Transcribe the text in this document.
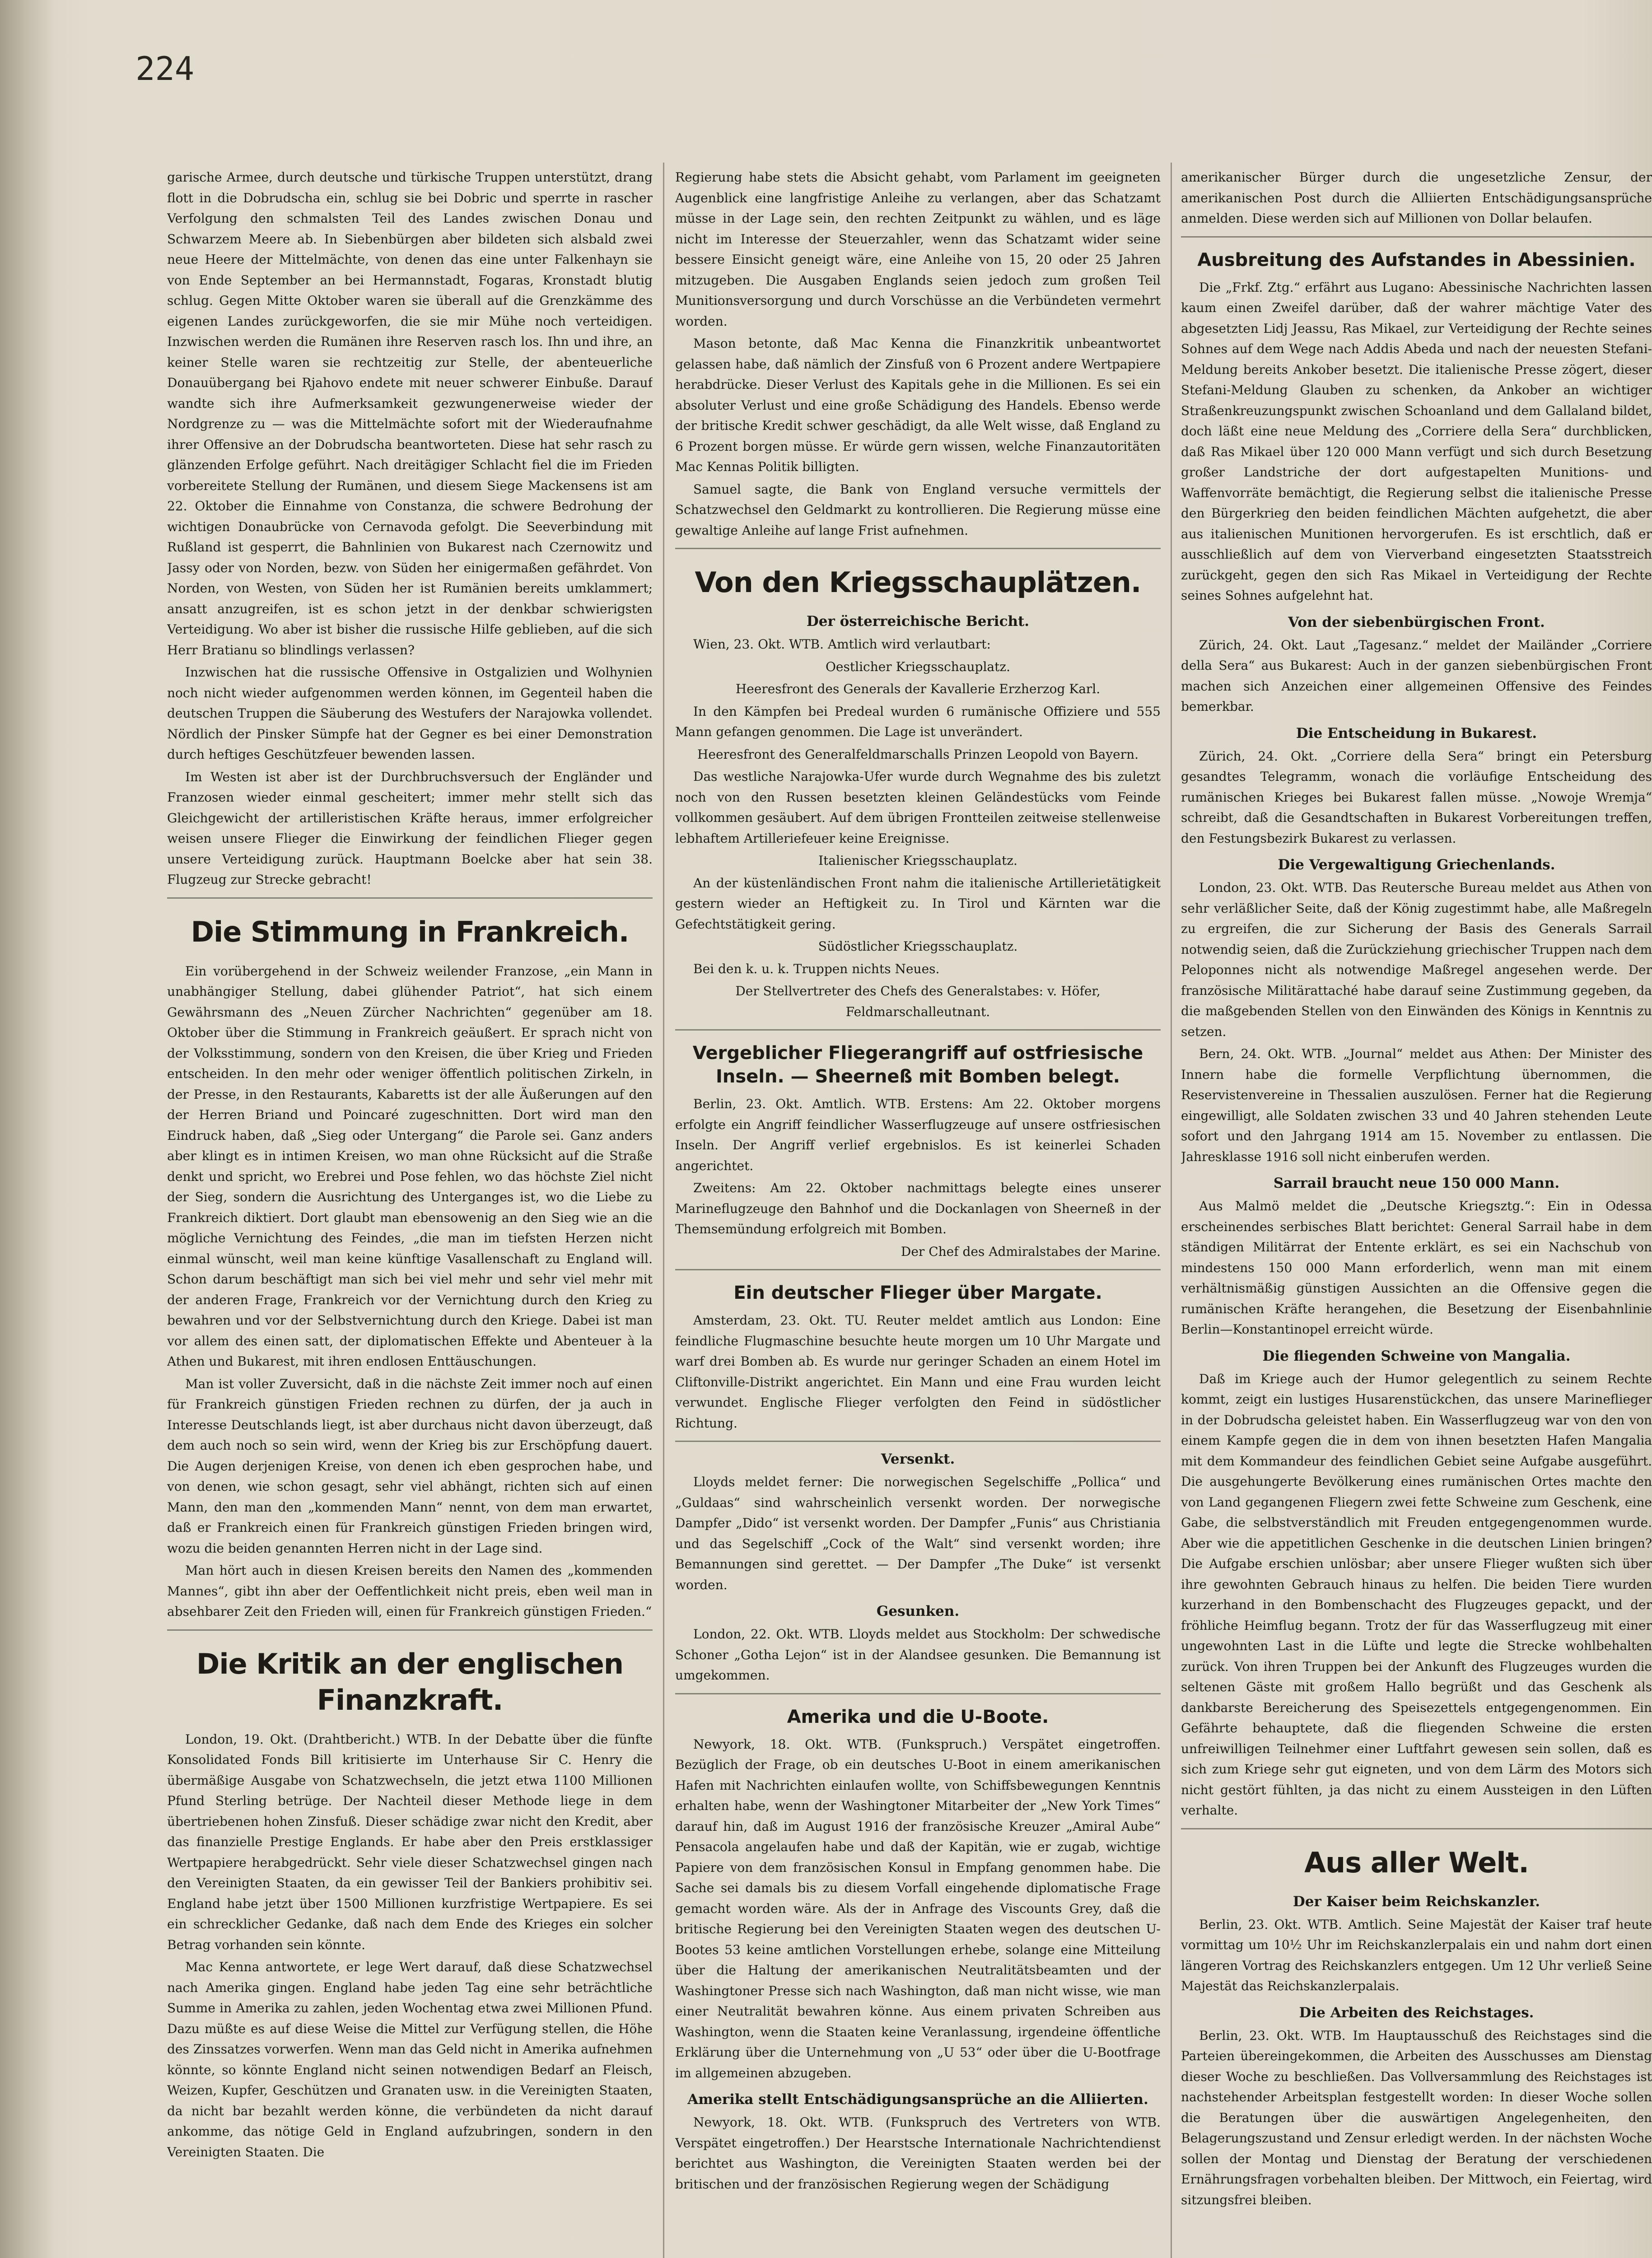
224

garische Armee, durch deutsche und türkische Truppen unterstützt, drang flott in die Dobrudscha ein, schlug sie bei Dobric und sperrte in rascher Verfolgung den schmalsten Teil des Landes zwischen Donau und Schwarzem Meere ab. In Siebenbürgen aber bildeten sich alsbald zwei neue Heere der Mittelmächte, von denen das eine unter Falkenhayn sie von Ende September an bei Hermannstadt, Fogaras, Kronstadt blutig schlug. Gegen Mitte Oktober waren sie überall auf die Grenzkämme des eigenen Landes zurückgeworfen, die sie mir Mühe noch verteidigen. Inzwischen werden die Rumänen ihre Reserven rasch los. Ihn und ihre, an keiner Stelle waren sie rechtzeitig zur Stelle, der abenteuerliche Donauübergang bei Rjahovo endete mit neuer schwerer Einbuße. Darauf wandte sich ihre Aufmerksamkeit gezwungenerweise wieder der Nordgrenze zu — was die Mittelmächte sofort mit der Wiederaufnahme ihrer Offensive an der Dobrudscha beantworteten. Diese hat sehr rasch zu glänzenden Erfolge geführt. Nach dreitägiger Schlacht fiel die im Frieden vorbereitete Stellung der Rumänen, und diesem Siege Mackensens ist am 22. Oktober die Einnahme von Constanza, die schwere Bedrohung der wichtigen Donaubrücke von Cernavoda gefolgt. Die Seeverbindung mit Rußland ist gesperrt, die Bahnlinien von Bukarest nach Czernowitz und Jassy oder von Norden, bezw. von Süden her einigermaßen gefährdet. Von Norden, von Westen, von Süden her ist Rumänien bereits umklammert; ansatt anzugreifen, ist es schon jetzt in der denkbar schwierigsten Verteidigung. Wo aber ist bisher die russische Hilfe geblieben, auf die sich Herr Bratianu so blindlings verlassen?

Inzwischen hat die russische Offensive in Ostgalizien und Wolhynien noch nicht wieder aufgenommen werden können, im Gegenteil haben die deutschen Truppen die Säuberung des Westufers der Narajowka vollendet. Nördlich der Pinsker Sümpfe hat der Gegner es bei einer Demonstration durch heftiges Geschützfeuer bewenden lassen.

Im Westen ist aber ist der Durchbruchsversuch der Engländer und Franzosen wieder einmal gescheitert; immer mehr stellt sich das Gleichgewicht der artilleristischen Kräfte heraus, immer erfolgreicher weisen unsere Flieger die Einwirkung der feindlichen Flieger gegen unsere Verteidigung zurück. Hauptmann Boelcke aber hat sein 38. Flugzeug zur Strecke gebracht!

Die Stimmung in Frankreich.

Ein vorübergehend in der Schweiz weilender Franzose, „ein Mann in unabhängiger Stellung, dabei glühender Patriot“, hat sich einem Gewährsmann des „Neuen Zürcher Nachrichten“ gegenüber am 18. Oktober über die Stimmung in Frankreich geäußert. Er sprach nicht von der Volksstimmung, sondern von den Kreisen, die über Krieg und Frieden entscheiden. In den mehr oder weniger öffentlich politischen Zirkeln, in der Presse, in den Restaurants, Kabaretts ist der alle Äußerungen auf den der Herren Briand und Poincaré zugeschnitten. Dort wird man den Eindruck haben, daß „Sieg oder Untergang“ die Parole sei. Ganz anders aber klingt es in intimen Kreisen, wo man ohne Rücksicht auf die Straße denkt und spricht, wo Erebrei und Pose fehlen, wo das höchste Ziel nicht der Sieg, sondern die Ausrichtung des Unterganges ist, wo die Liebe zu Frankreich diktiert. Dort glaubt man ebensowenig an den Sieg wie an die mögliche Vernichtung des Feindes, „die man im tiefsten Herzen nicht einmal wünscht, weil man keine künftige Vasallenschaft zu England will. Schon darum beschäftigt man sich bei viel mehr und sehr viel mehr mit der anderen Frage, Frankreich vor der Vernichtung durch den Krieg zu bewahren und vor der Selbstvernichtung durch den Kriege. Dabei ist man vor allem des einen satt, der diplomatischen Effekte und Abenteuer à la Athen und Bukarest, mit ihren endlosen Enttäuschungen.

Man ist voller Zuversicht, daß in die nächste Zeit immer noch auf einen für Frankreich günstigen Frieden rechnen zu dürfen, der ja auch in Interesse Deutschlands liegt, ist aber durchaus nicht davon überzeugt, daß dem auch noch so sein wird, wenn der Krieg bis zur Erschöpfung dauert. Die Augen derjenigen Kreise, von denen ich eben gesprochen habe, und von denen, wie schon gesagt, sehr viel abhängt, richten sich auf einen Mann, den man den „kommenden Mann“ nennt, von dem man erwartet, daß er Frankreich einen für Frankreich günstigen Frieden bringen wird, wozu die beiden genannten Herren nicht in der Lage sind.

Man hört auch in diesen Kreisen bereits den Namen des „kommenden Mannes“, gibt ihn aber der Oeffentlichkeit nicht preis, eben weil man in absehbarer Zeit den Frieden will, einen für Frankreich günstigen Frieden.“

Die Kritik an der englischen Finanzkraft.

London, 19. Okt. (Drahtbericht.) WTB. In der Debatte über die fünfte Konsolidated Fonds Bill kritisierte im Unterhause Sir C. Henry die übermäßige Ausgabe von Schatzwechseln, die jetzt etwa 1100 Millionen Pfund Sterling betrüge. Der Nachteil dieser Methode liege in dem übertriebenen hohen Zinsfuß. Dieser schädige zwar nicht den Kredit, aber das finanzielle Prestige Englands. Er habe aber den Preis erstklassiger Wertpapiere herabgedrückt. Sehr viele dieser Schatzwechsel gingen nach den Vereinigten Staaten, da ein gewisser Teil der Bankiers prohibitiv sei. England habe jetzt über 1500 Millionen kurzfristige Wertpapiere. Es sei ein schrecklicher Gedanke, daß nach dem Ende des Krieges ein solcher Betrag vorhanden sein könnte.

Mac Kenna antwortete, er lege Wert darauf, daß diese Schatzwechsel nach Amerika gingen. England habe jeden Tag eine sehr beträchtliche Summe in Amerika zu zahlen, jeden Wochentag etwa zwei Millionen Pfund. Dazu müßte es auf diese Weise die Mittel zur Verfügung stellen, die Höhe des Zinssatzes vorwerfen. Wenn man das Geld nicht in Amerika aufnehmen könnte, so könnte England nicht seinen notwendigen Bedarf an Fleisch, Weizen, Kupfer, Geschützen und Granaten usw. in die Vereinigten Staaten, da nicht bar bezahlt werden könne, die verbündeten da nicht darauf ankomme, das nötige Geld in England aufzubringen, sondern in den Vereinigten Staaten. Die

Regierung habe stets die Absicht gehabt, vom Parlament im geeigneten Augenblick eine langfristige Anleihe zu verlangen, aber das Schatzamt müsse in der Lage sein, den rechten Zeitpunkt zu wählen, und es läge nicht im Interesse der Steuerzahler, wenn das Schatzamt wider seine bessere Einsicht geneigt wäre, eine Anleihe von 15, 20 oder 25 Jahren mitzugeben. Die Ausgaben Englands seien jedoch zum großen Teil Munitionsversorgung und durch Vorschüsse an die Verbündeten vermehrt worden.

Mason betonte, daß Mac Kenna die Finanzkritik unbeantwortet gelassen habe, daß nämlich der Zinsfuß von 6 Prozent andere Wertpapiere herabdrücke. Dieser Verlust des Kapitals gehe in die Millionen. Es sei ein absoluter Verlust und eine große Schädigung des Handels. Ebenso werde der britische Kredit schwer geschädigt, da alle Welt wisse, daß England zu 6 Prozent borgen müsse. Er würde gern wissen, welche Finanzautoritäten Mac Kennas Politik billigten.

Samuel sagte, die Bank von England versuche vermittels der Schatzwechsel den Geldmarkt zu kontrollieren. Die Regierung müsse eine gewaltige Anleihe auf lange Frist aufnehmen.

Von den Kriegsschauplätzen.
Der österreichische Bericht.

Wien, 23. Okt. WTB. Amtlich wird verlautbart:

Oestlicher Kriegsschauplatz.

Heeresfront des Generals der Kavallerie Erzherzog Karl.

In den Kämpfen bei Predeal wurden 6 rumänische Offiziere und 555 Mann gefangen genommen. Die Lage ist unverändert.

Heeresfront des Generalfeldmarschalls Prinzen Leopold von Bayern.

Das westliche Narajowka-Ufer wurde durch Wegnahme des bis zuletzt noch von den Russen besetzten kleinen Geländestücks vom Feinde vollkommen gesäubert. Auf dem übrigen Frontteilen zeitweise stellenweise lebhaftem Artilleriefeuer keine Ereignisse.

Italienischer Kriegsschauplatz.

An der küstenländischen Front nahm die italienische Artillerietätigkeit gestern wieder an Heftigkeit zu. In Tirol und Kärnten war die Gefechtstätigkeit gering.

Südöstlicher Kriegsschauplatz.

Bei den k. u. k. Truppen nichts Neues.

Der Stellvertreter des Chefs des Generalstabes: v. Höfer, Feldmarschalleutnant.

Vergeblicher Fliegerangriff auf ostfriesische Inseln. — Sheerneß mit Bomben belegt.

Berlin, 23. Okt. Amtlich. WTB. Erstens: Am 22. Oktober morgens erfolgte ein Angriff feindlicher Wasserflugzeuge auf unsere ostfriesischen Inseln. Der Angriff verlief ergebnislos. Es ist keinerlei Schaden angerichtet.

Zweitens: Am 22. Oktober nachmittags belegte eines unserer Marineflugzeuge den Bahnhof und die Dockanlagen von Sheerneß in der Themsemündung erfolgreich mit Bomben.

Der Chef des Admiralstabes der Marine.

Ein deutscher Flieger über Margate.

Amsterdam, 23. Okt. TU. Reuter meldet amtlich aus London: Eine feindliche Flugmaschine besuchte heute morgen um 10 Uhr Margate und warf drei Bomben ab. Es wurde nur geringer Schaden an einem Hotel im Cliftonville-Distrikt angerichtet. Ein Mann und eine Frau wurden leicht verwundet. Englische Flieger verfolgten den Feind in südöstlicher Richtung.

Versenkt.

Lloyds meldet ferner: Die norwegischen Segelschiffe „Pollica“ und „Guldaas“ sind wahrscheinlich versenkt worden. Der norwegische Dampfer „Dido“ ist versenkt worden. Der Dampfer „Funis“ aus Christiania und das Segelschiff „Cock of the Walt“ sind versenkt worden; ihre Bemannungen sind gerettet. — Der Dampfer „The Duke“ ist versenkt worden.

Gesunken.

London, 22. Okt. WTB. Lloyds meldet aus Stockholm: Der schwedische Schoner „Gotha Lejon“ ist in der Alandsee gesunken. Die Bemannung ist umgekommen.

Amerika und die U-Boote.

Newyork, 18. Okt. WTB. (Funkspruch.) Verspätet eingetroffen. Bezüglich der Frage, ob ein deutsches U-Boot in einem amerikanischen Hafen mit Nachrichten einlaufen wollte, von Schiffsbewegungen Kenntnis erhalten habe, wenn der Washingtoner Mitarbeiter der „New York Times“ darauf hin, daß im August 1916 der französische Kreuzer „Amiral Aube“ Pensacola angelaufen habe und daß der Kapitän, wie er zugab, wichtige Papiere von dem französischen Konsul in Empfang genommen habe. Die Sache sei damals bis zu diesem Vorfall eingehende diplomatische Frage gemacht worden wäre. Als der in Anfrage des Viscounts Grey, daß die britische Regierung bei den Vereinigten Staaten wegen des deutschen U-Bootes 53 keine amtlichen Vorstellungen erhebe, solange eine Mitteilung über die Haltung der amerikanischen Neutralitätsbeamten und der Washingtoner Presse sich nach Washington, daß man nicht wisse, wie man einer Neutralität bewahren könne. Aus einem privaten Schreiben aus Washington, wenn die Staaten keine Veranlassung, irgendeine öffentliche Erklärung über die Unternehmung von „U 53“ oder über die U-Bootfrage im allgemeinen abzugeben.

Amerika stellt Entschädigungsansprüche an die Alliierten.

Newyork, 18. Okt. WTB. (Funkspruch des Vertreters von WTB. Verspätet eingetroffen.) Der Hearstsche Internationale Nachrichtendienst berichtet aus Washington, die Vereinigten Staaten werden bei der britischen und der französischen Regierung wegen der Schädigung

amerikanischer Bürger durch die ungesetzliche Zensur, der amerikanischen Post durch die Alliierten Entschädigungsansprüche anmelden. Diese werden sich auf Millionen von Dollar belaufen.

Ausbreitung des Aufstandes in Abessinien.

Die „Frkf. Ztg.“ erfährt aus Lugano: Abessinische Nachrichten lassen kaum einen Zweifel darüber, daß der wahrer mächtige Vater des abgesetzten Lidj Jeassu, Ras Mikael, zur Verteidigung der Rechte seines Sohnes auf dem Wege nach Addis Abeda und nach der neuesten Stefani-Meldung bereits Ankober besetzt. Die italienische Presse zögert, dieser Stefani-Meldung Glauben zu schenken, da Ankober an wichtiger Straßenkreuzungspunkt zwischen Schoanland und dem Gallaland bildet, doch läßt eine neue Meldung des „Corriere della Sera“ durchblicken, daß Ras Mikael über 120 000 Mann verfügt und sich durch Besetzung großer Landstriche der dort aufgestapelten Munitions- und Waffenvorräte bemächtigt, die Regierung selbst die italienische Presse den Bürgerkrieg den beiden feindlichen Mächten aufgehetzt, die aber aus italienischen Munitionen hervorgerufen. Es ist erschtlich, daß er ausschließlich auf dem von Vierverband eingesetzten Staatsstreich zurückgeht, gegen den sich Ras Mikael in Verteidigung der Rechte seines Sohnes aufgelehnt hat.

Von der siebenbürgischen Front.

Zürich, 24. Okt. Laut „Tagesanz.“ meldet der Mailänder „Corriere della Sera“ aus Bukarest: Auch in der ganzen siebenbürgischen Front machen sich Anzeichen einer allgemeinen Offensive des Feindes bemerkbar.

Die Entscheidung in Bukarest.

Zürich, 24. Okt. „Corriere della Sera“ bringt ein Petersburg gesandtes Telegramm, wonach die vorläufige Entscheidung des rumänischen Krieges bei Bukarest fallen müsse. „Nowoje Wremja“ schreibt, daß die Gesandtschaften in Bukarest Vorbereitungen treffen, den Festungsbezirk Bukarest zu verlassen.

Die Vergewaltigung Griechenlands.

London, 23. Okt. WTB. Das Reutersche Bureau meldet aus Athen von sehr verläßlicher Seite, daß der König zugestimmt habe, alle Maßregeln zu ergreifen, die zur Sicherung der Basis des Generals Sarrail notwendig seien, daß die Zurückziehung griechischer Truppen nach dem Peloponnes nicht als notwendige Maßregel angesehen werde. Der französische Militärattaché habe darauf seine Zustimmung gegeben, da die maßgebenden Stellen von den Einwänden des Königs in Kenntnis zu setzen.

Bern, 24. Okt. WTB. „Journal“ meldet aus Athen: Der Minister des Innern habe die formelle Verpflichtung übernommen, die Reservistenvereine in Thessalien auszulösen. Ferner hat die Regierung eingewilligt, alle Soldaten zwischen 33 und 40 Jahren stehenden Leute sofort und den Jahrgang 1914 am 15. November zu entlassen. Die Jahresklasse 1916 soll nicht einberufen werden.

Sarrail braucht neue 150 000 Mann.

Aus Malmö meldet die „Deutsche Kriegsztg.“: Ein in Odessa erscheinendes serbisches Blatt berichtet: General Sarrail habe in dem ständigen Militärrat der Entente erklärt, es sei ein Nachschub von mindestens 150 000 Mann erforderlich, wenn man mit einem verhältnismäßig günstigen Aussichten an die Offensive gegen die rumänischen Kräfte herangehen, die Besetzung der Eisenbahnlinie Berlin—Konstantinopel erreicht würde.

Die fliegenden Schweine von Mangalia.

Daß im Kriege auch der Humor gelegentlich zu seinem Rechte kommt, zeigt ein lustiges Husarenstückchen, das unsere Marineflieger in der Dobrudscha geleistet haben. Ein Wasserflugzeug war von den von einem Kampfe gegen die in dem von ihnen besetzten Hafen Mangalia mit dem Kommandeur des feindlichen Gebiet seine Aufgabe ausgeführt. Die ausgehungerte Bevölkerung eines rumänischen Ortes machte den von Land gegangenen Fliegern zwei fette Schweine zum Geschenk, eine Gabe, die selbstverständlich mit Freuden entgegengenommen wurde. Aber wie die appetitlichen Geschenke in die deutschen Linien bringen? Die Aufgabe erschien unlösbar; aber unsere Flieger wußten sich über ihre gewohnten Gebrauch hinaus zu helfen. Die beiden Tiere wurden kurzerhand in den Bombenschacht des Flugzeuges gepackt, und der fröhliche Heimflug begann. Trotz der für das Wasserflugzeug mit einer ungewohnten Last in die Lüfte und legte die Strecke wohlbehalten zurück. Von ihren Truppen bei der Ankunft des Flugzeuges wurden die seltenen Gäste mit großem Hallo begrüßt und das Geschenk als dankbarste Bereicherung des Speisezettels entgegengenommen. Ein Gefährte behauptete, daß die fliegenden Schweine die ersten unfreiwilligen Teilnehmer einer Luftfahrt gewesen sein sollen, daß es sich zum Kriege sehr gut eigneten, und von dem Lärm des Motors sich nicht gestört fühlten, ja das nicht zu einem Aussteigen in den Lüften verhalte.

Aus aller Welt.
Der Kaiser beim Reichskanzler.

Berlin, 23. Okt. WTB. Amtlich. Seine Majestät der Kaiser traf heute vormittag um 10½ Uhr im Reichskanzlerpalais ein und nahm dort einen längeren Vortrag des Reichskanzlers entgegen. Um 12 Uhr verließ Seine Majestät das Reichskanzlerpalais.

Die Arbeiten des Reichstages.

Berlin, 23. Okt. WTB. Im Hauptausschuß des Reichstages sind die Parteien übereingekommen, die Arbeiten des Ausschusses am Dienstag dieser Woche zu beschließen. Das Vollversammlung des Reichstages ist nachstehender Arbeitsplan festgestellt worden: In dieser Woche sollen die Beratungen über die auswärtigen Angelegenheiten, den Belagerungszustand und Zensur erledigt werden. In der nächsten Woche sollen der Montag und Dienstag der Beratung der verschiedenen Ernährungsfragen vorbehalten bleiben. Der Mittwoch, ein Feiertag, wird sitzungsfrei bleiben.
